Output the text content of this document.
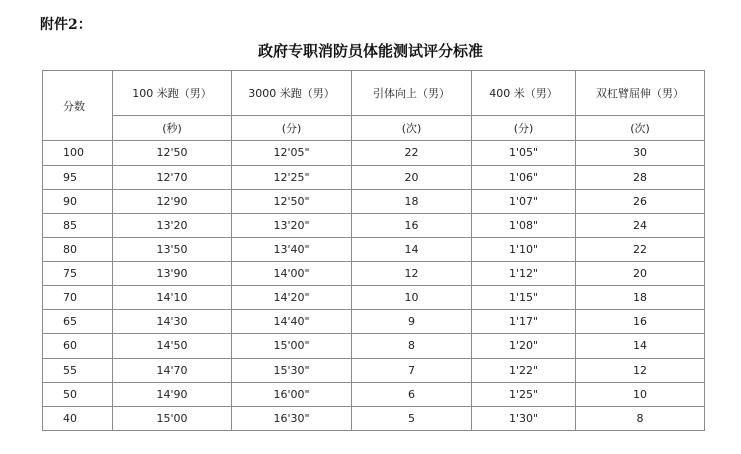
附件2：
政府专职消防员体能测试评分标准
分数	100 米跑（男）	3000 米跑（男）	引体向上（男）	400 米（男）	双杠臂屈伸（男）
	(秒)	(分)	(次)	(分)	(次)
100	12'50	12'05"	22	1'05"	30
95	12'70	12'25"	20	1'06"	28
90	12'90	12'50"	18	1'07"	26
85	13'20	13'20"	16	1'08"	24
80	13'50	13'40"	14	1'10"	22
75	13'90	14'00"	12	1'12"	20
70	14'10	14'20"	10	1'15"	18
65	14'30	14'40"	9	1'17"	16
60	14'50	15'00"	8	1'20"	14
55	14'70	15'30"	7	1'22"	12
50	14'90	16'00"	6	1'25"	10
40	15'00	16'30"	5	1'30"	8
